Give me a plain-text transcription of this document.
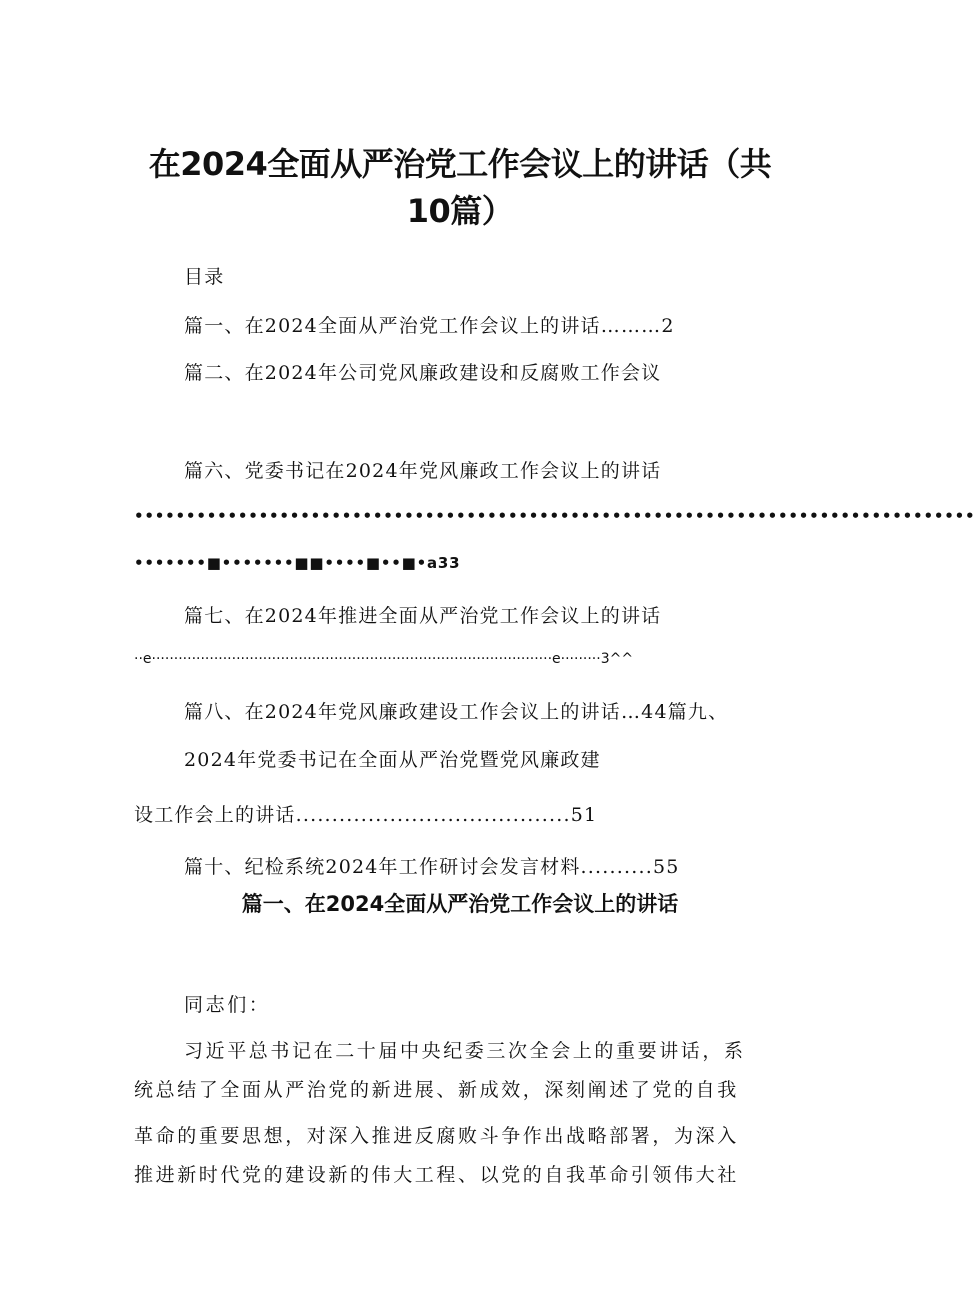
在2024全面从严治党工作会议上的讲话（共
10篇）
目录
篇一、在2024全面从严治党工作会议上的讲话………2
篇二、在2024年公司党风廉政建设和反腐败工作会议
篇六、党委书记在2024年党风廉政工作会议上的讲话
•••••••••••••••••••••••••••••••••••••••••••••••••••••••••••••••••••••••••••••••••
•••••••■•••••••■■••••■••■•a33
篇七、在2024年推进全面从严治党工作会议上的讲话
··e··························································································e·········3^^
篇八、在2024年党风廉政建设工作会议上的讲话…44篇九、
2024年党委书记在全面从严治党暨党风廉政建
设工作会上的讲话......................................51
篇十、纪检系统2024年工作研讨会发言材料..........55
篇一、在2024全面从严治党工作会议上的讲话
同志们：
习近平总书记在二十届中央纪委三次全会上的重要讲话，系
统总结了全面从严治党的新进展、新成效，深刻阐述了党的自我
革命的重要思想，对深入推进反腐败斗争作出战略部署，为深入
推进新时代党的建设新的伟大工程、以党的自我革命引领伟大社
